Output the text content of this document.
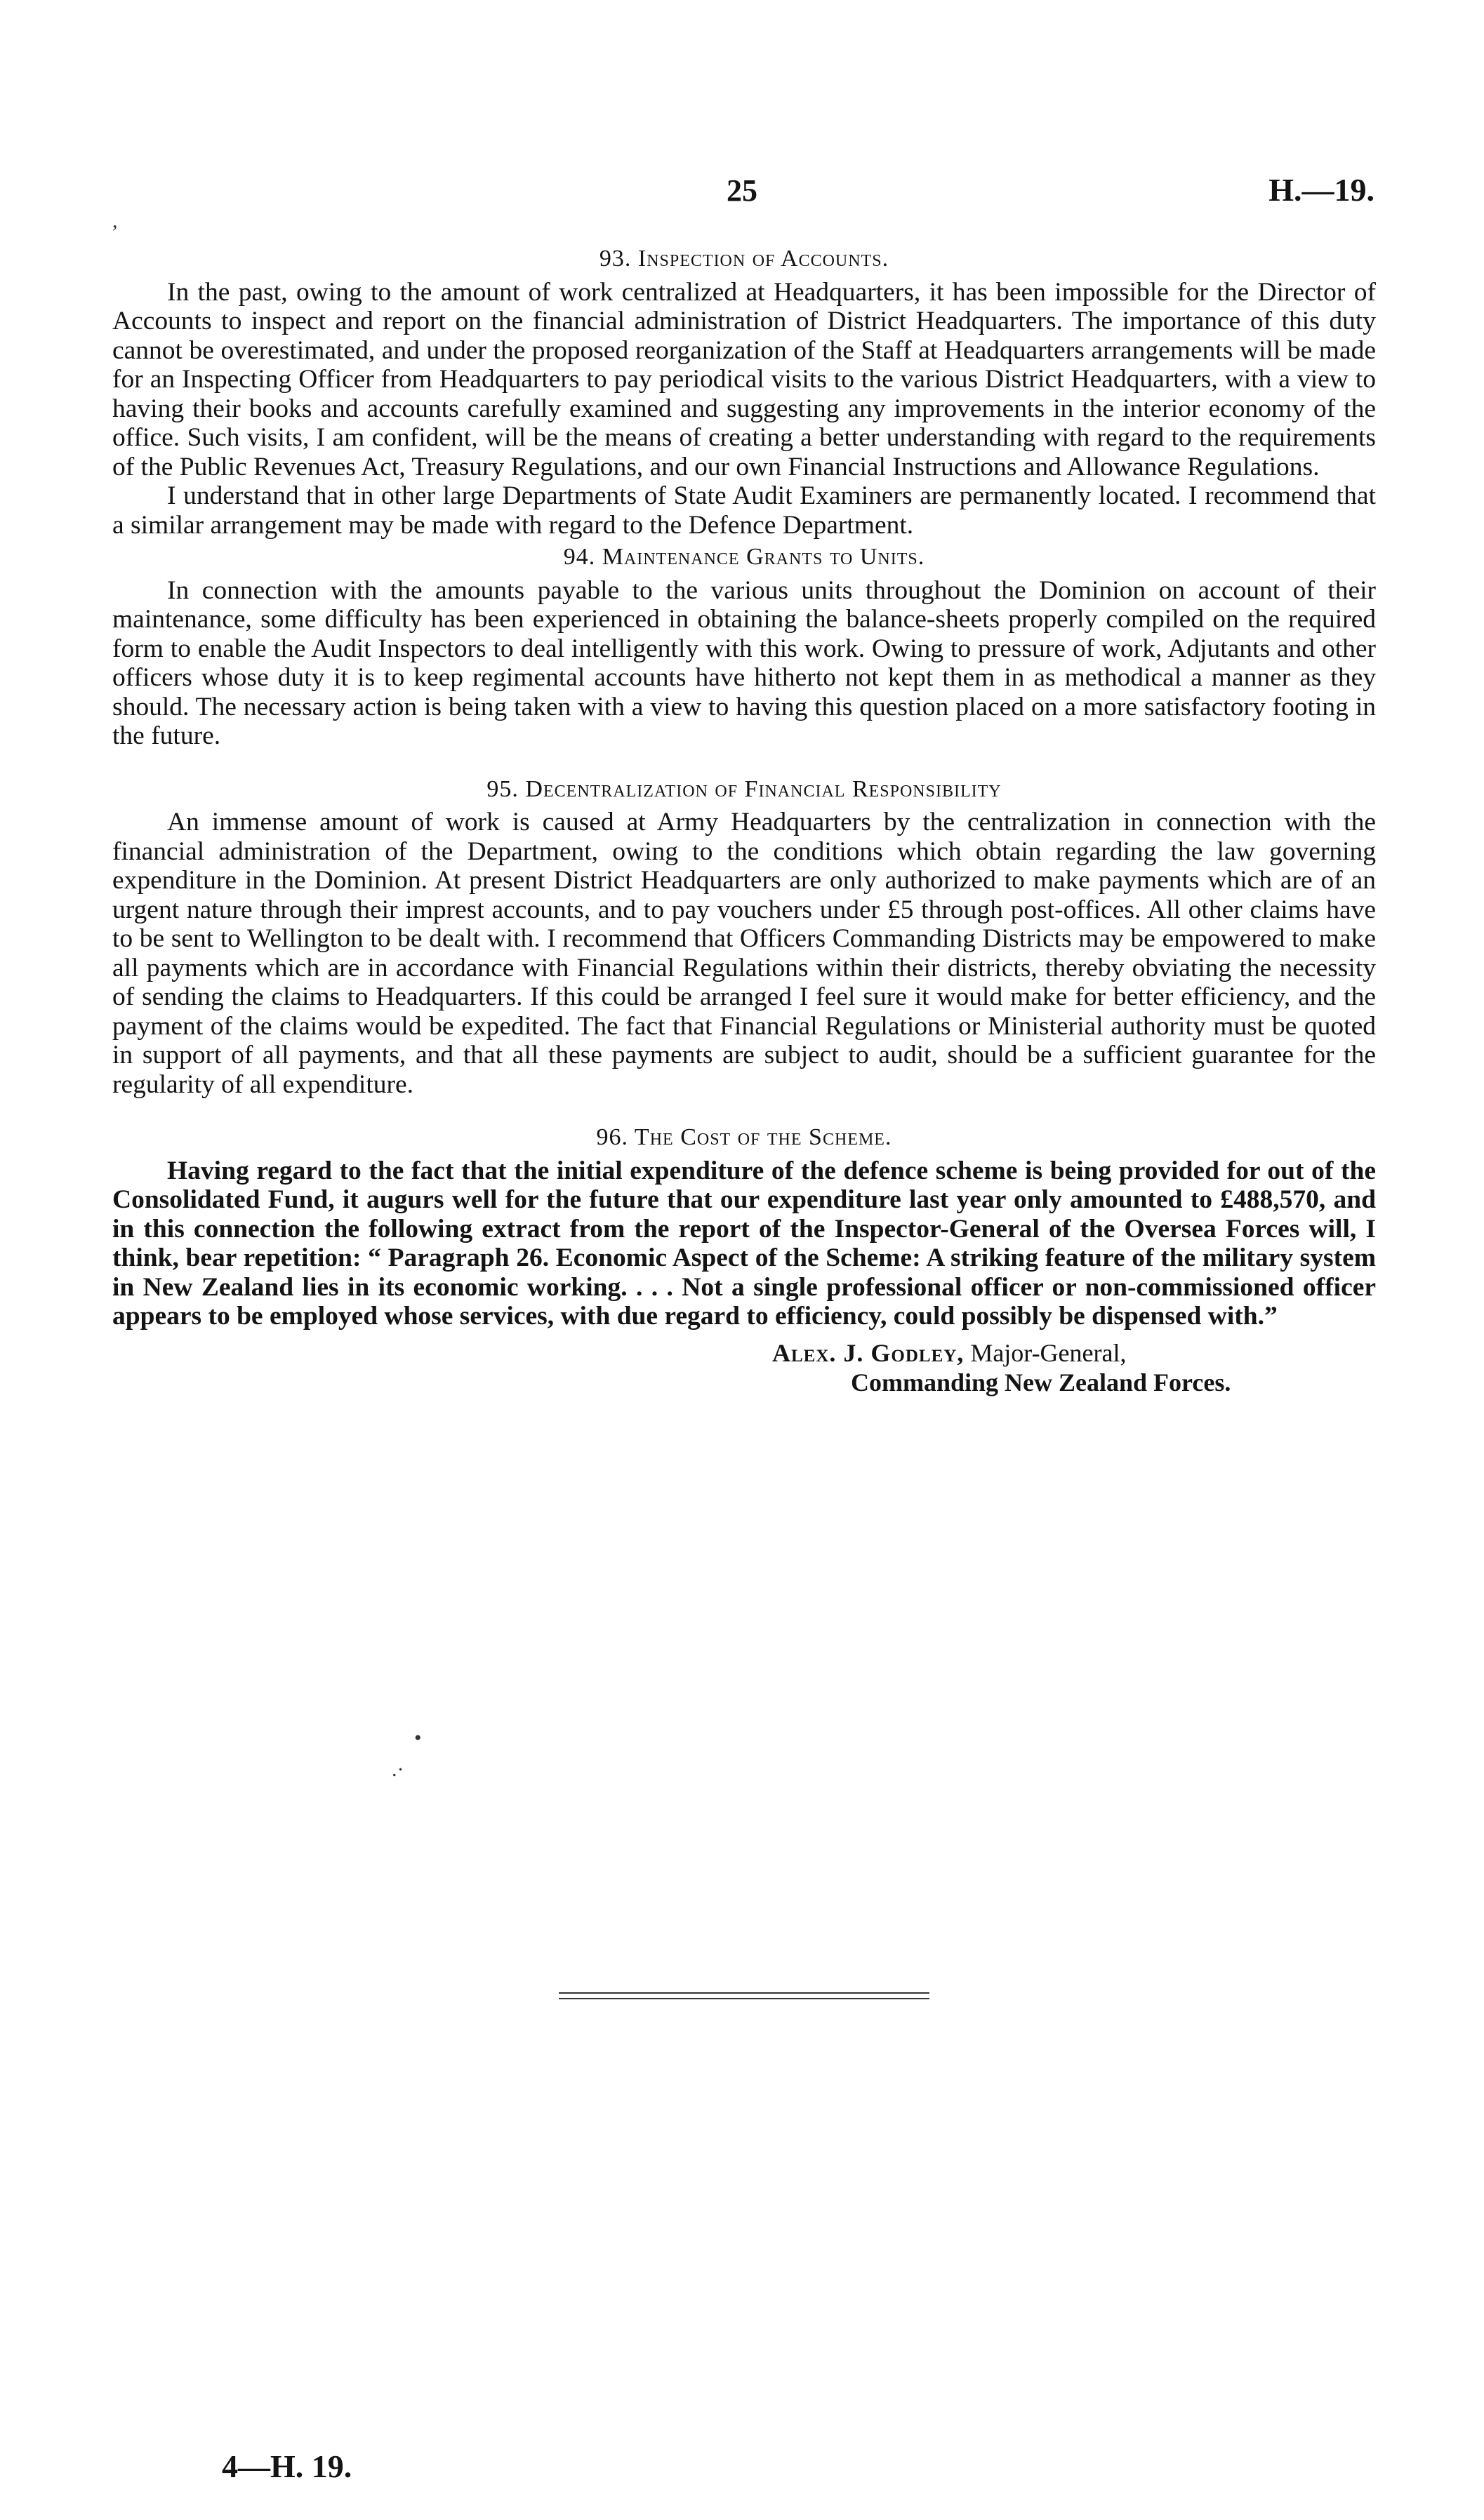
25	H.—19.
,
93. Inspection of Accounts.

In the past, owing to the amount of work centralized at Headquarters, it has been impossible for the Director of Accounts to inspect and report on the financial administration of District Headquarters. The importance of this duty cannot be overestimated, and under the proposed reorganization of the Staff at Headquarters arrangements will be made for an Inspecting Officer from Headquarters to pay periodical visits to the various District Headquarters, with a view to having their books and accounts carefully examined and suggesting any improvements in the interior economy of the office. Such visits, I am confident, will be the means of creating a better understanding with regard to the requirements of the Public Revenues Act, Treasury Regulations, and our own Financial Instructions and Allowance Regulations.

I understand that in other large Departments of State Audit Examiners are permanently located. I recommend that a similar arrangement may be made with regard to the Defence Department.

94. Maintenance Grants to Units.

In connection with the amounts payable to the various units throughout the Dominion on account of their maintenance, some difficulty has been experienced in obtaining the balance-sheets properly compiled on the required form to enable the Audit Inspectors to deal intelligently with this work. Owing to pressure of work, Adjutants and other officers whose duty it is to keep regimental accounts have hitherto not kept them in as methodical a manner as they should. The necessary action is being taken with a view to having this question placed on a more satisfactory footing in the future.

95. Decentralization of Financial Responsibility

An immense amount of work is caused at Army Headquarters by the centralization in connection with the financial administration of the Department, owing to the conditions which obtain regarding the law governing expenditure in the Dominion. At present District Headquarters are only authorized to make payments which are of an urgent nature through their imprest accounts, and to pay vouchers under £5 through post-offices. All other claims have to be sent to Wellington to be dealt with. I recommend that Officers Commanding Districts may be empowered to make all payments which are in accordance with Financial Regulations within their districts, thereby obviating the necessity of sending the claims to Headquarters. If this could be arranged I feel sure it would make for better efficiency, and the payment of the claims would be expedited. The fact that Financial Regulations or Ministerial authority must be quoted in support of all payments, and that all these payments are subject to audit, should be a sufficient guarantee for the regularity of all expenditure.

96. The Cost of the Scheme.

Having regard to the fact that the initial expenditure of the defence scheme is being provided for out of the Consolidated Fund, it augurs well for the future that our expenditure last year only amounted to £488,570, and in this connection the following extract from the report of the Inspector-General of the Oversea Forces will, I think, bear repetition: “ Paragraph 26. Economic Aspect of the Scheme: A striking feature of the military system in New Zealand lies in its economic working. . . . Not a single professional officer or non-commissioned officer appears to be employed whose services, with due regard to efficiency, could possibly be dispensed with.”

Alex. J. Godley, Major-General,
Commanding New Zealand Forces.
•
.·
4—H. 19.
